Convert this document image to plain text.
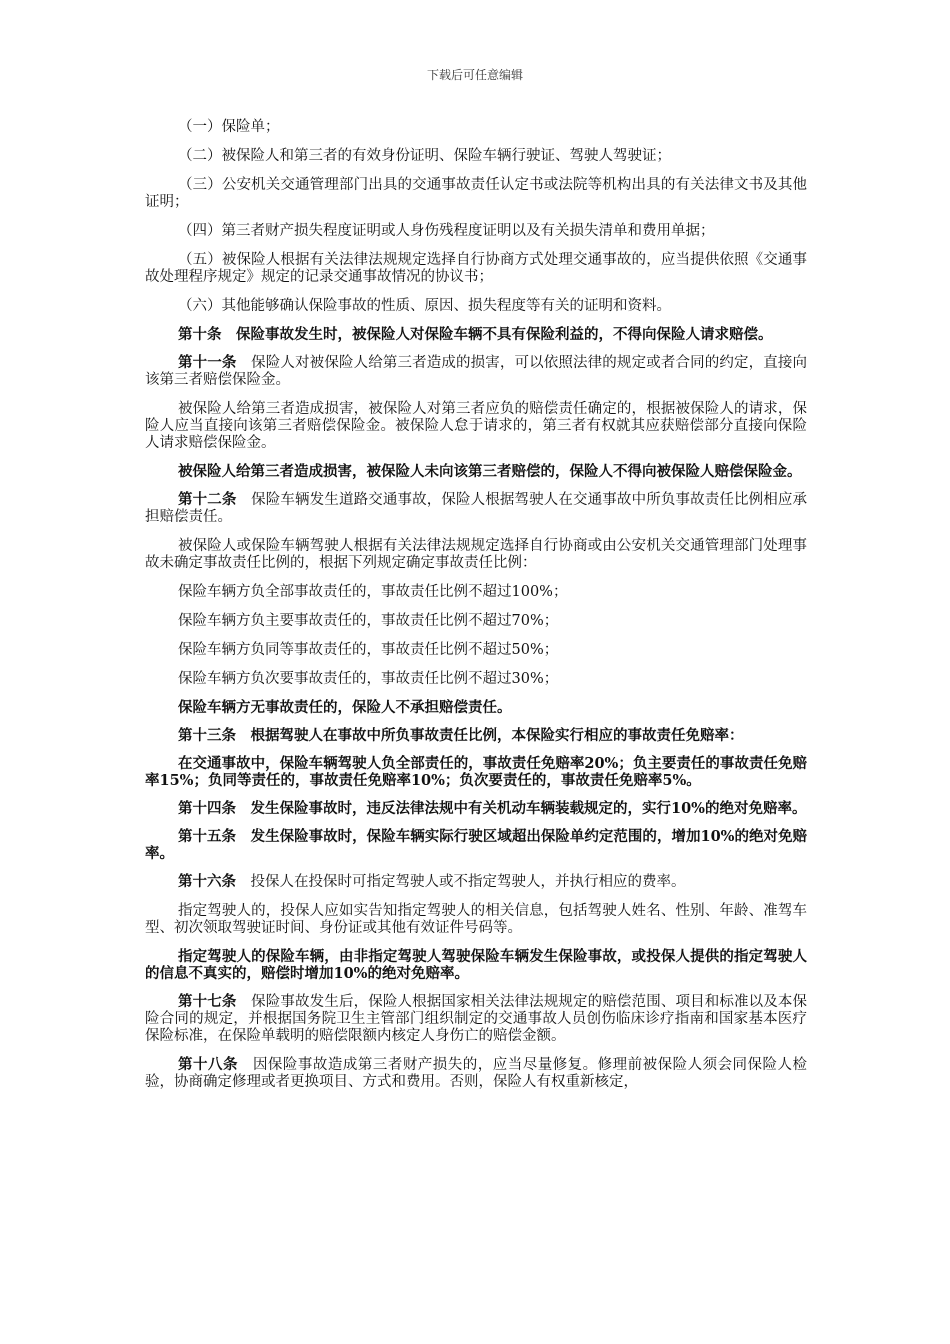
下载后可任意编辑

（一）保险单；

（二）被保险人和第三者的有效身份证明、保险车辆行驶证、驾驶人驾驶证；

（三）公安机关交通管理部门出具的交通事故责任认定书或法院等机构出具的有关法律文书及其他证明；

（四）第三者财产损失程度证明或人身伤残程度证明以及有关损失清单和费用单据；

（五）被保险人根据有关法律法规规定选择自行协商方式处理交通事故的，应当提供依照《交通事故处理程序规定》规定的记录交通事故情况的协议书；

（六）其他能够确认保险事故的性质、原因、损失程度等有关的证明和资料。

第十条　保险事故发生时，被保险人对保险车辆不具有保险利益的，不得向保险人请求赔偿。

第十一条　保险人对被保险人给第三者造成的损害，可以依照法律的规定或者合同的约定，直接向该第三者赔偿保险金。

被保险人给第三者造成损害，被保险人对第三者应负的赔偿责任确定的，根据被保险人的请求，保险人应当直接向该第三者赔偿保险金。被保险人怠于请求的，第三者有权就其应获赔偿部分直接向保险人请求赔偿保险金。

被保险人给第三者造成损害，被保险人未向该第三者赔偿的，保险人不得向被保险人赔偿保险金。

第十二条　保险车辆发生道路交通事故，保险人根据驾驶人在交通事故中所负事故责任比例相应承担赔偿责任。

被保险人或保险车辆驾驶人根据有关法律法规规定选择自行协商或由公安机关交通管理部门处理事故未确定事故责任比例的，根据下列规定确定事故责任比例：

保险车辆方负全部事故责任的，事故责任比例不超过100%；

保险车辆方负主要事故责任的，事故责任比例不超过70%；

保险车辆方负同等事故责任的，事故责任比例不超过50%；

保险车辆方负次要事故责任的，事故责任比例不超过30%；

保险车辆方无事故责任的，保险人不承担赔偿责任。

第十三条　根据驾驶人在事故中所负事故责任比例，本保险实行相应的事故责任免赔率：

在交通事故中，保险车辆驾驶人负全部责任的，事故责任免赔率20%；负主要责任的事故责任免赔率15%；负同等责任的，事故责任免赔率10%；负次要责任的，事故责任免赔率5%。

第十四条　发生保险事故时，违反法律法规中有关机动车辆装载规定的，实行10%的绝对免赔率。

第十五条　发生保险事故时，保险车辆实际行驶区域超出保险单约定范围的，增加10%的绝对免赔率。

第十六条　投保人在投保时可指定驾驶人或不指定驾驶人，并执行相应的费率。

指定驾驶人的，投保人应如实告知指定驾驶人的相关信息，包括驾驶人姓名、性别、年龄、准驾车型、初次领取驾驶证时间、身份证或其他有效证件号码等。

指定驾驶人的保险车辆，由非指定驾驶人驾驶保险车辆发生保险事故，或投保人提供的指定驾驶人的信息不真实的，赔偿时增加10%的绝对免赔率。

第十七条　保险事故发生后，保险人根据国家相关法律法规规定的赔偿范围、项目和标准以及本保险合同的规定，并根据国务院卫生主管部门组织制定的交通事故人员创伤临床诊疗指南和国家基本医疗保险标准，在保险单载明的赔偿限额内核定人身伤亡的赔偿金额。

第十八条　因保险事故造成第三者财产损失的，应当尽量修复。修理前被保险人须会同保险人检验，协商确定修理或者更换项目、方式和费用。否则，保险人有权重新核定，
